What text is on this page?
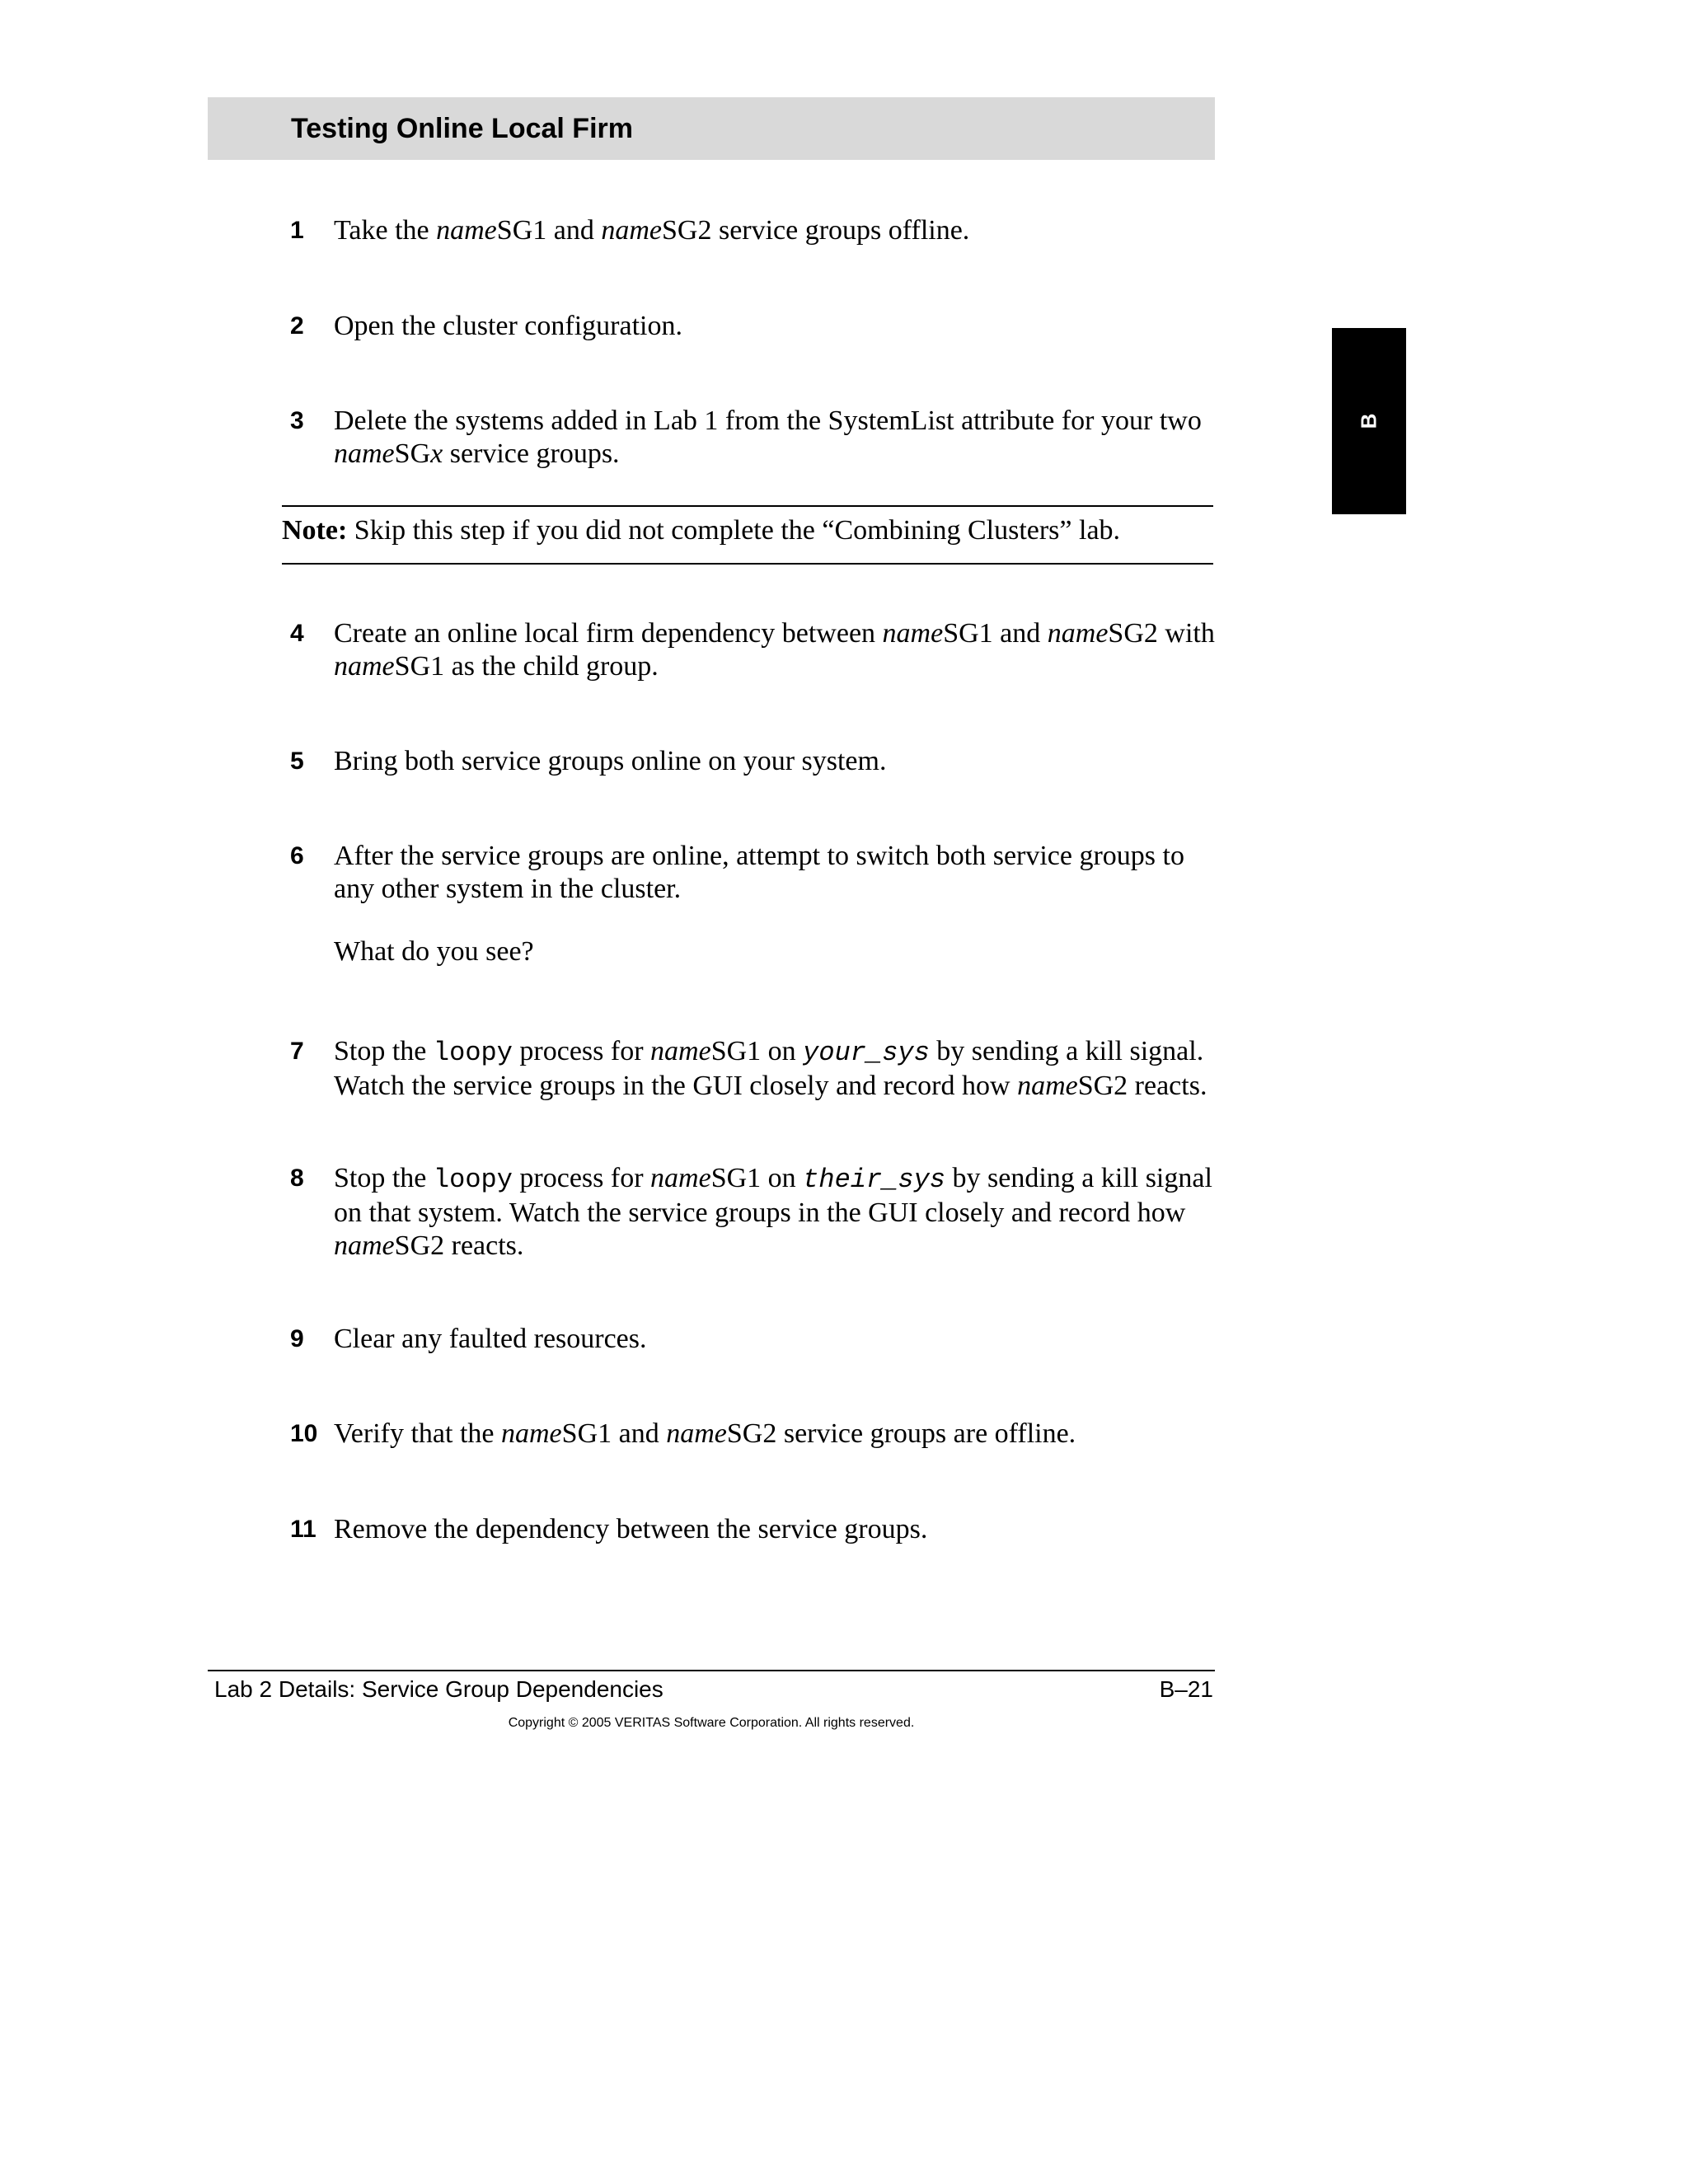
Testing Online Local Firm
B
1 Take the nameSG1 and nameSG2 service groups offline.

2 Open the cluster configuration.

3 Delete the systems added in Lab 1 from the SystemList attribute for your two nameSGx service groups.

Note: Skip this step if you did not complete the “Combining Clusters” lab.
4 Create an online local firm dependency between nameSG1 and nameSG2 with nameSG1 as the child group.

5 Bring both service groups online on your system.

6 After the service groups are online, attempt to switch both service groups to any other system in the cluster.

What do you see?

7 Stop the loopy process for nameSG1 on your_sys by sending a kill signal. Watch the service groups in the GUI closely and record how nameSG2 reacts.

8 Stop the loopy process for nameSG1 on their_sys by sending a kill signal on that system. Watch the service groups in the GUI closely and record how nameSG2 reacts.

9 Clear any faulted resources.

10 Verify that the nameSG1 and nameSG2 service groups are offline.

11 Remove the dependency between the service groups.

Lab 2 Details: Service Group Dependencies	B–21
Copyright © 2005 VERITAS Software Corporation. All rights reserved.
